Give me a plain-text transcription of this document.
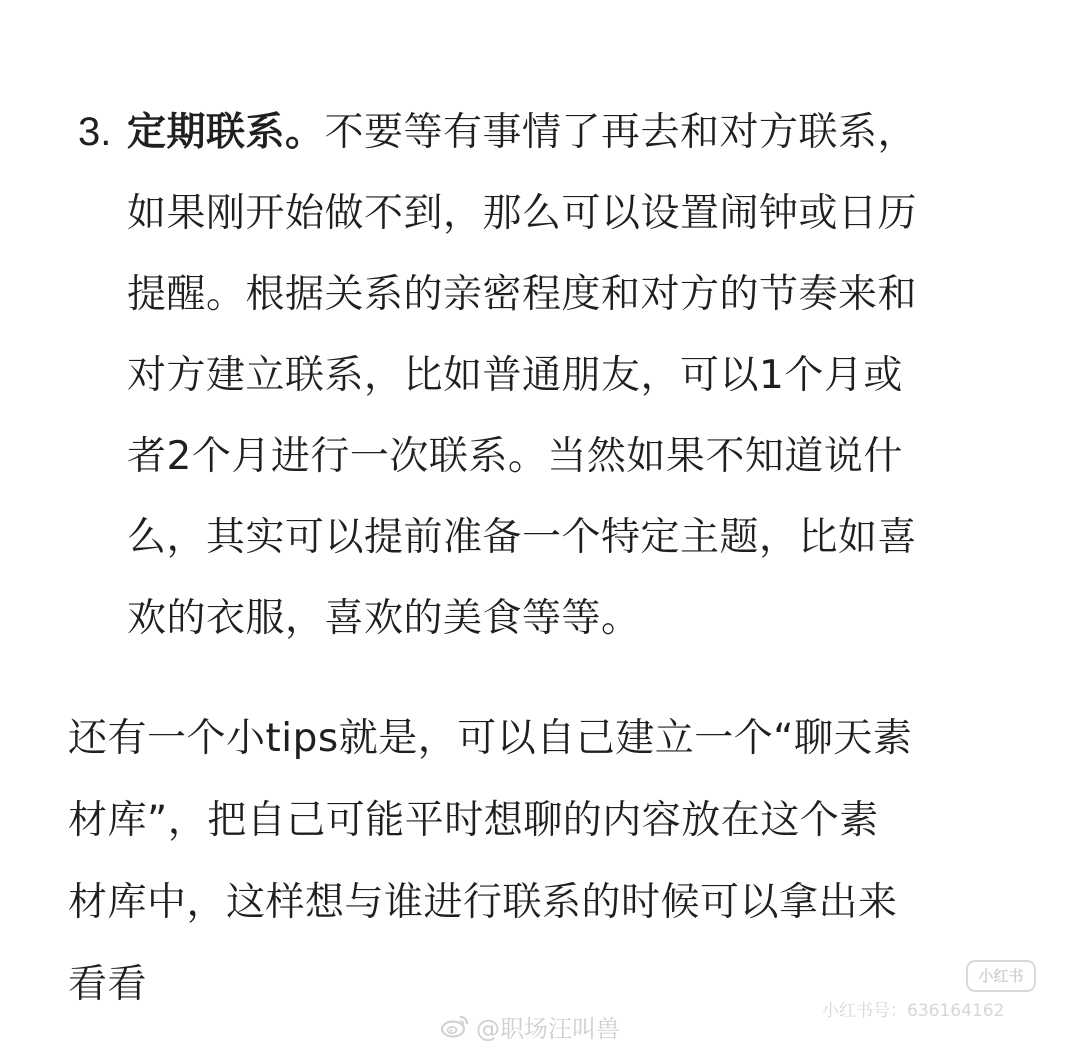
3. 定期联系。不要等有事情了再去和对方联系，
如果刚开始做不到，那么可以设置闹钟或日历
提醒。根据关系的亲密程度和对方的节奏来和
对方建立联系，比如普通朋友，可以1个月或
者2个月进行一次联系。当然如果不知道说什
么，其实可以提前准备一个特定主题，比如喜
欢的衣服，喜欢的美食等等。
还有一个小tips就是，可以自己建立一个“聊天素
材库”，把自己可能平时想聊的内容放在这个素
材库中，这样想与谁进行联系的时候可以拿出来
看看	小红书
小红书号：636164162
@职场汪叫兽
